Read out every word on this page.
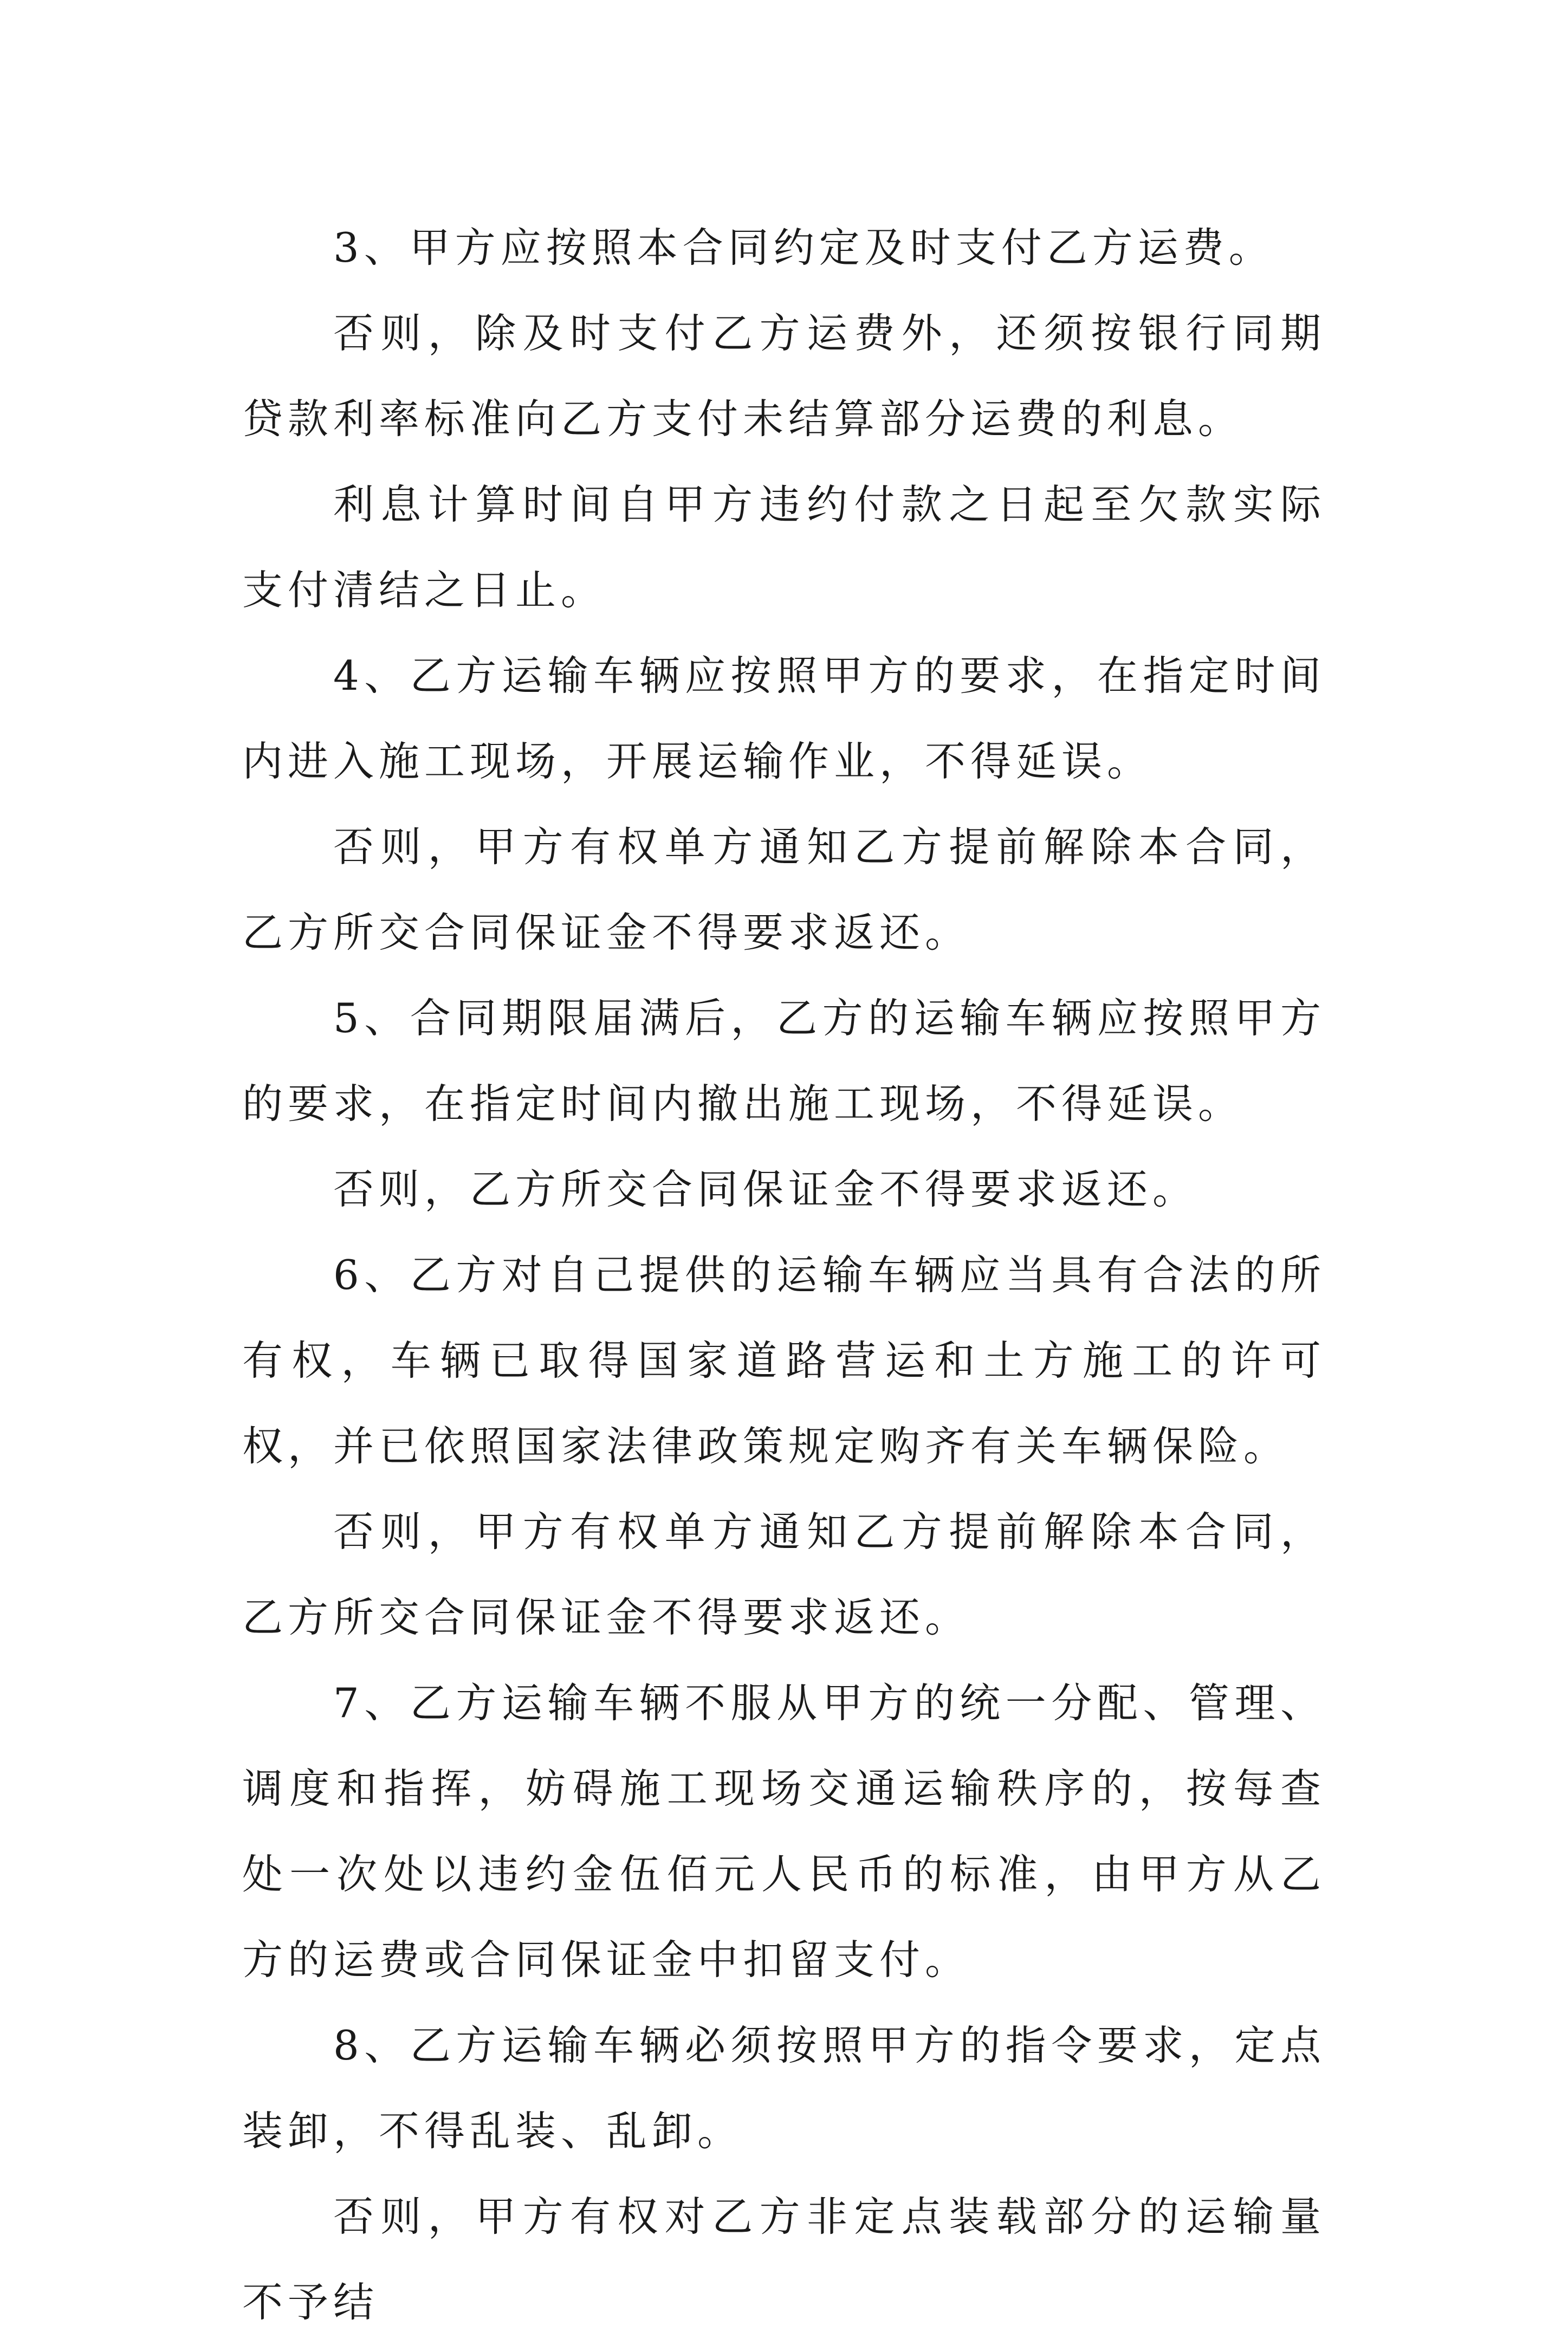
3、甲方应按照本合同约定及时支付乙方运费。

否则，除及时支付乙方运费外，还须按银行同期贷款利率标准向乙方支付未结算部分运费的利息。

利息计算时间自甲方违约付款之日起至欠款实际支付清结之日止。

4、乙方运输车辆应按照甲方的要求，在指定时间内进入施工现场，开展运输作业，不得延误。

否则，甲方有权单方通知乙方提前解除本合同，乙方所交合同保证金不得要求返还。

5、合同期限届满后，乙方的运输车辆应按照甲方的要求，在指定时间内撤出施工现场，不得延误。

否则，乙方所交合同保证金不得要求返还。

6、乙方对自己提供的运输车辆应当具有合法的所有权，车辆已取得国家道路营运和土方施工的许可权，并已依照国家法律政策规定购齐有关车辆保险。

否则，甲方有权单方通知乙方提前解除本合同，乙方所交合同保证金不得要求返还。

7、乙方运输车辆不服从甲方的统一分配、管理、调度和指挥，妨碍施工现场交通运输秩序的，按每查处一次处以违约金伍佰元人民币的标准，由甲方从乙方的运费或合同保证金中扣留支付。

8、乙方运输车辆必须按照甲方的指令要求，定点装卸，不得乱装、乱卸。

否则，甲方有权对乙方非定点装载部分的运输量不予结
